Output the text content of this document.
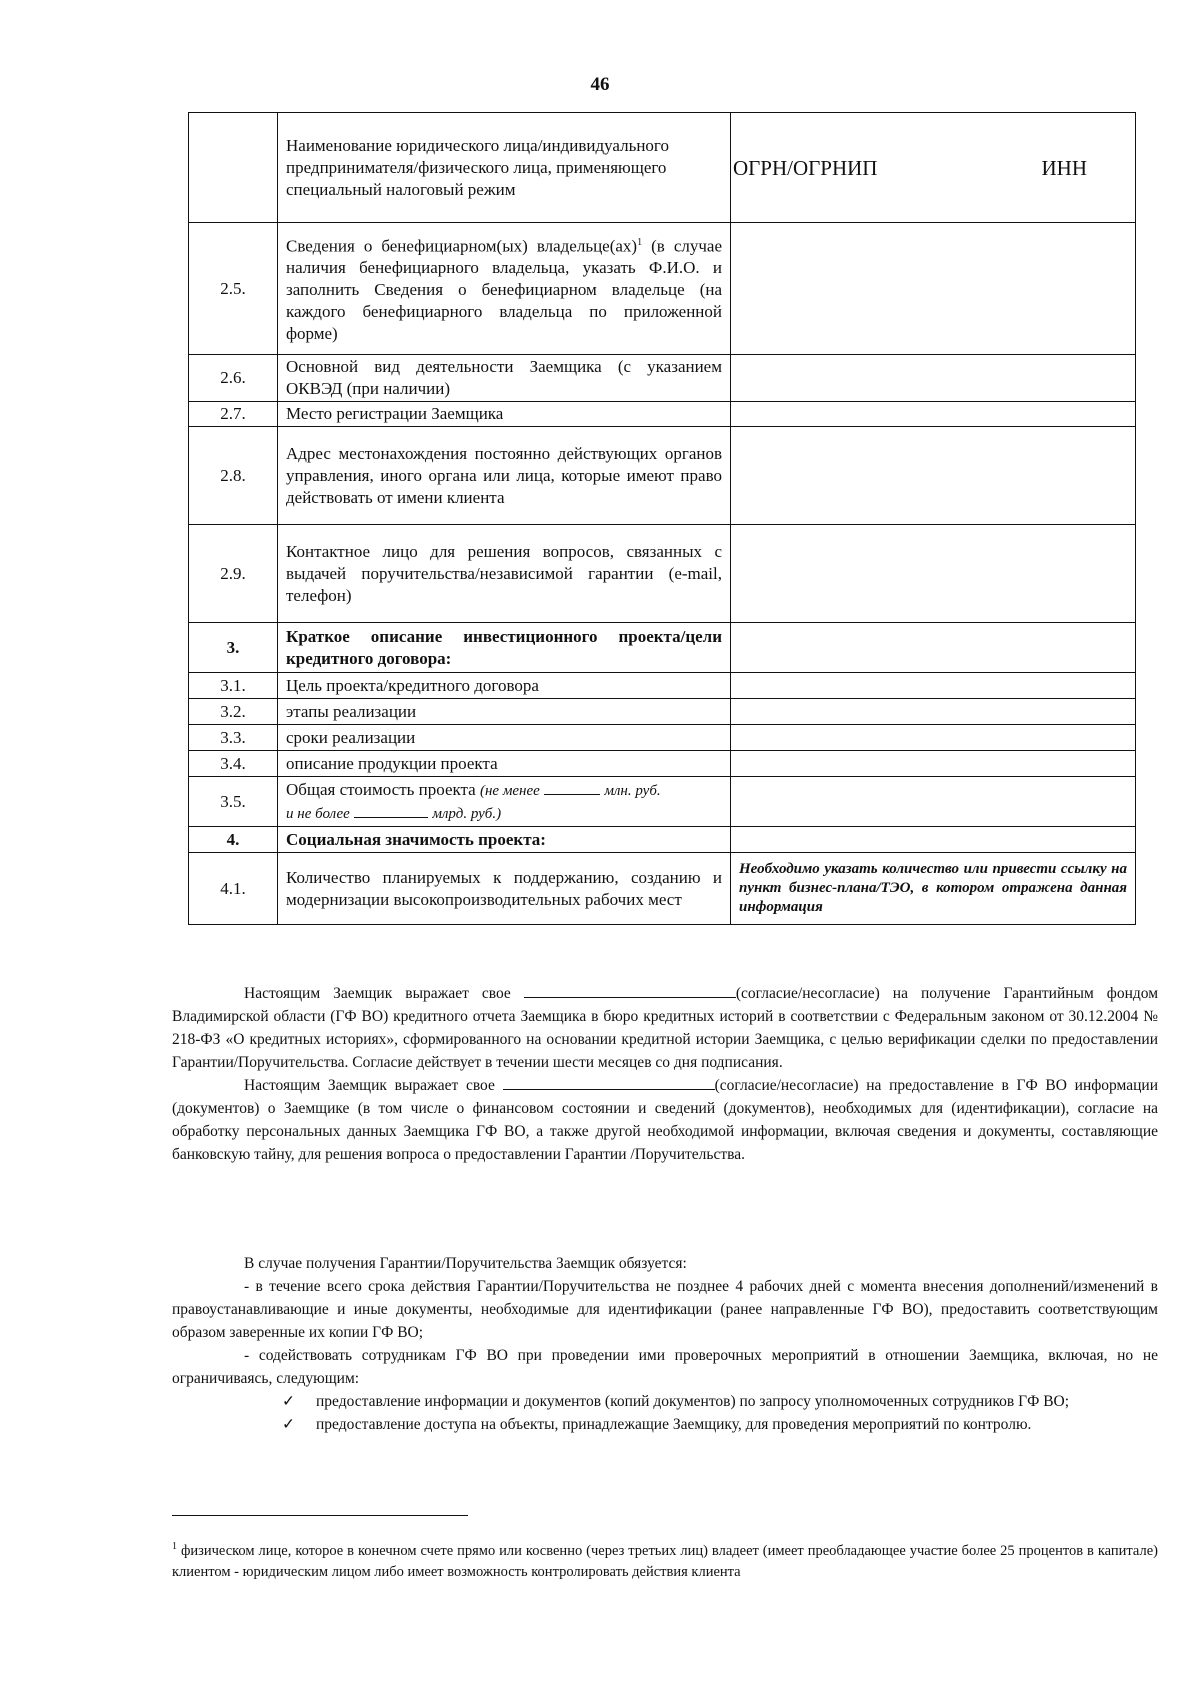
46
	Наименование юридического лица/индивидуального предпринимателя/физического лица, применяющего специальный налоговый режим	ОГРН/ОГРНИП ИНН

2.5.	Сведения о бенефициарном(ых) владельце(ах)$^1$ (в случае наличия бенефициарного владельца, указать Ф.И.О. и заполнить Сведения о бенефициарном владельце (на каждого бенефициарного владельца по приложенной форме)	
2.6.	Основной вид деятельности Заемщика (с указанием ОКВЭД (при наличии)	
2.7.	Место регистрации Заемщика	
2.8.	Адрес местонахождения постоянно действующих органов управления, иного органа или лица, которые имеют право действовать от имени клиента	
2.9.	Контактное лицо для решения вопросов, связанных с выдачей поручительства/независимой гарантии (e-mail, телефон)	
3.	Краткое описание инвестиционного проекта/цели кредитного договора:	
3.1.	Цель проекта/кредитного договора	
3.2.	этапы реализации	
3.3.	сроки реализации	
3.4.	описание продукции проекта	
3.5.	Общая стоимость проекта (не менее млн. руб.
и не более млрд. руб.)	
4.	Социальная значимость проекта:	
4.1.	Количество планируемых к поддержанию, созданию и модернизации высокопроизводительных рабочих мест	Необходимо указать количество или привести ссылку на пункт бизнес-плана/ТЭО, в котором отражена данная информация

Настоящим Заемщик выражает свое	(согласие/несогласие) на получение Гарантийным фондом Владимирской области (ГФ ВО) кредитного отчета Заемщика в бюро кредитных историй в соответствии с Федеральным законом от 30.12.2004 № 218-ФЗ «О кредитных историях», сформированного на основании кредитной истории Заемщика, с целью верификации сделки по предоставлении Гарантии/Поручительства. Согласие действует в течении шести месяцев со дня подписания.

Настоящим Заемщик выражает свое	(согласие/несогласие) на предоставление в ГФ ВО информации (документов) о Заемщике (в том числе о финансовом состоянии и сведений (документов), необходимых для (идентификации), согласие на обработку персональных данных Заемщика ГФ ВО, а также другой необходимой информации, включая сведения и документы, составляющие банковскую тайну, для решения вопроса о предоставлении Гарантии /Поручительства.

В случае получения Гарантии/Поручительства Заемщик обязуется:

- в течение всего срока действия Гарантии/Поручительства не позднее 4 рабочих дней с момента внесения дополнений/изменений в правоустанавливающие и иные документы, необходимые для идентификации (ранее направленные ГФ ВО), предоставить соответствующим образом заверенные их копии ГФ ВО;

- содействовать сотрудникам ГФ ВО при проведении ими проверочных мероприятий в отношении Заемщика, включая, но не ограничиваясь, следующим:

✓	предоставление информации и документов (копий документов) по запросу уполномоченных сотрудников ГФ ВО;
✓	предоставление доступа на объекты, принадлежащие Заемщику, для проведения мероприятий по контролю.
$^1$ физическом лице, которое в конечном счете прямо или косвенно (через третьих лиц) владеет (имеет преобладающее участие более 25 процентов в капитале) клиентом - юридическим лицом либо имеет возможность контролировать действия клиента
